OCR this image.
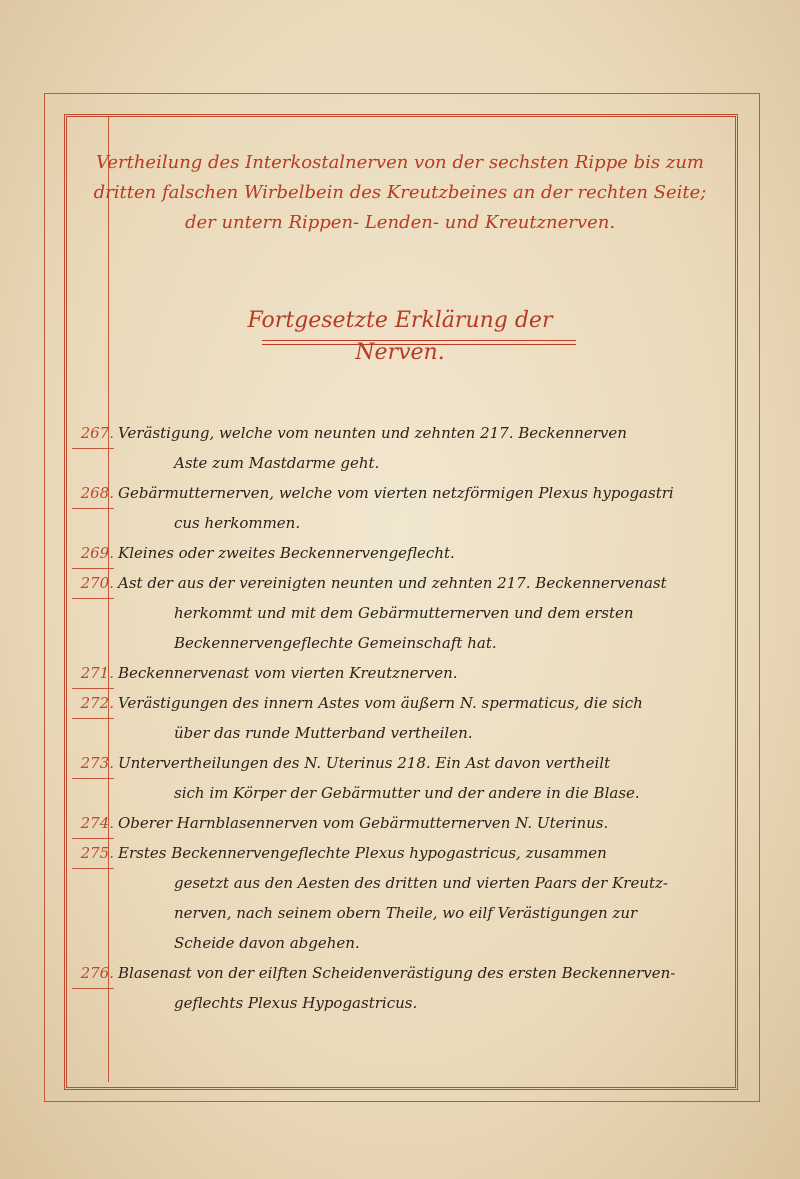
Vertheilung des Interkostalnerven von der sechsten Rippe bis zum
dritten falschen Wirbelbein des Kreutzbeines an der rechten Seite;
der untern Rippen- Lenden- und Kreutznerven.
Fortgesetzte Erklärung der Nerven.
267. Verästigung, welche vom neunten und zehnten 217. Beckennerven
Aste zum Mastdarme geht.
268. Gebärmutternerven, welche vom vierten netzförmigen Plexus hypogastri
cus herkommen.
269. Kleines oder zweites Beckennervengeflecht.
270. Ast der aus der vereinigten neunten und zehnten 217. Beckennervenast
herkommt und mit dem Gebärmutternerven und dem ersten
Beckennervengeflechte Gemeinschaft hat.
271. Beckennervenast vom vierten Kreutznerven.
272. Verästigungen des innern Astes vom äußern N. spermaticus, die sich
über das runde Mutterband vertheilen.
273. Untervertheilungen des N. Uterinus 218. Ein Ast davon vertheilt
sich im Körper der Gebärmutter und der andere in die Blase.
274. Oberer Harnblasennerven vom Gebärmutternerven N. Uterinus.
275. Erstes Beckennervengeflechte Plexus hypogastricus, zusammen
gesetzt aus den Aesten des dritten und vierten Paars der Kreutz-
nerven, nach seinem obern Theile, wo eilf Verästigungen zur
Scheide davon abgehen.
276. Blasenast von der eilften Scheidenverästigung des ersten Beckennerven-
geflechts Plexus Hypogastricus.
